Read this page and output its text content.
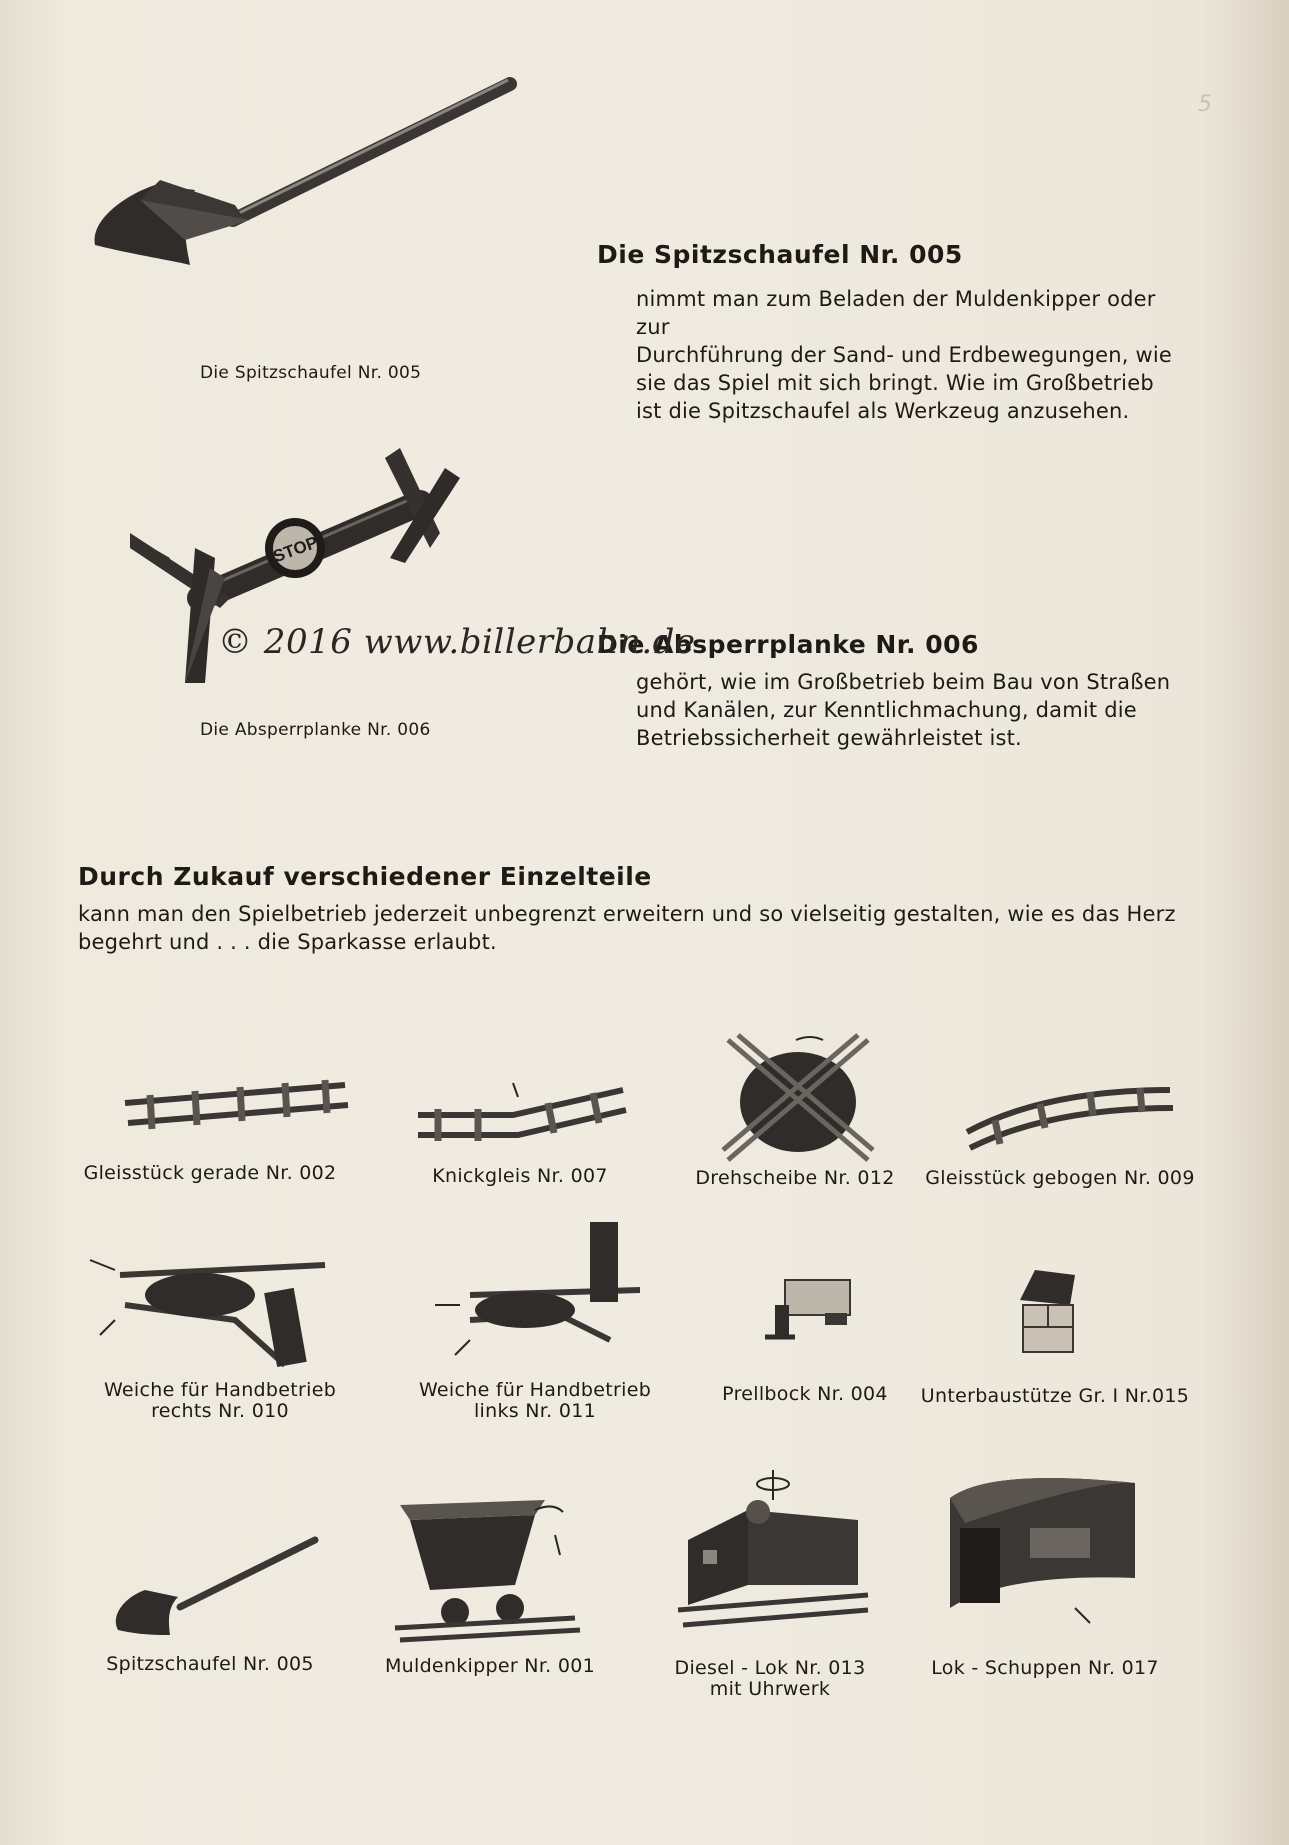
5
Die Spitzschaufel Nr. 005
Die Spitzschaufel Nr. 005
nimmt man zum Beladen der Muldenkipper oder zur
Durchführung der Sand- und Erdbewegungen, wie
sie das Spiel mit sich bringt. Wie im Großbetrieb
ist die Spitzschaufel als Werkzeug anzusehen.
STOP
Die Absperrplanke Nr. 006
Die Absperrplanke Nr. 006
gehört, wie im Großbetrieb beim Bau von Straßen
und Kanälen, zur Kenntlichmachung, damit die
Betriebssicherheit gewährleistet ist.
© 2016 www.billerbahn.de
Durch Zukauf verschiedener Einzelteile
kann man den Spielbetrieb jederzeit unbegrenzt erweitern und so vielseitig gestalten, wie es das Herz
begehrt und . . . die Sparkasse erlaubt.
Gleisstück gerade Nr. 002	Knickgleis Nr. 007	Drehscheibe Nr. 012	Gleisstück gebogen Nr. 009
Weiche für Handbetrieb
rechts Nr. 010
Weiche für Handbetrieb
links Nr. 011
Prellbock Nr. 004	Unterbaustütze Gr. I Nr.015
Spitzschaufel Nr. 005	Muldenkipper Nr. 001	Diesel - Lok Nr. 013
mit Uhrwerk
Lok - Schuppen Nr. 017
